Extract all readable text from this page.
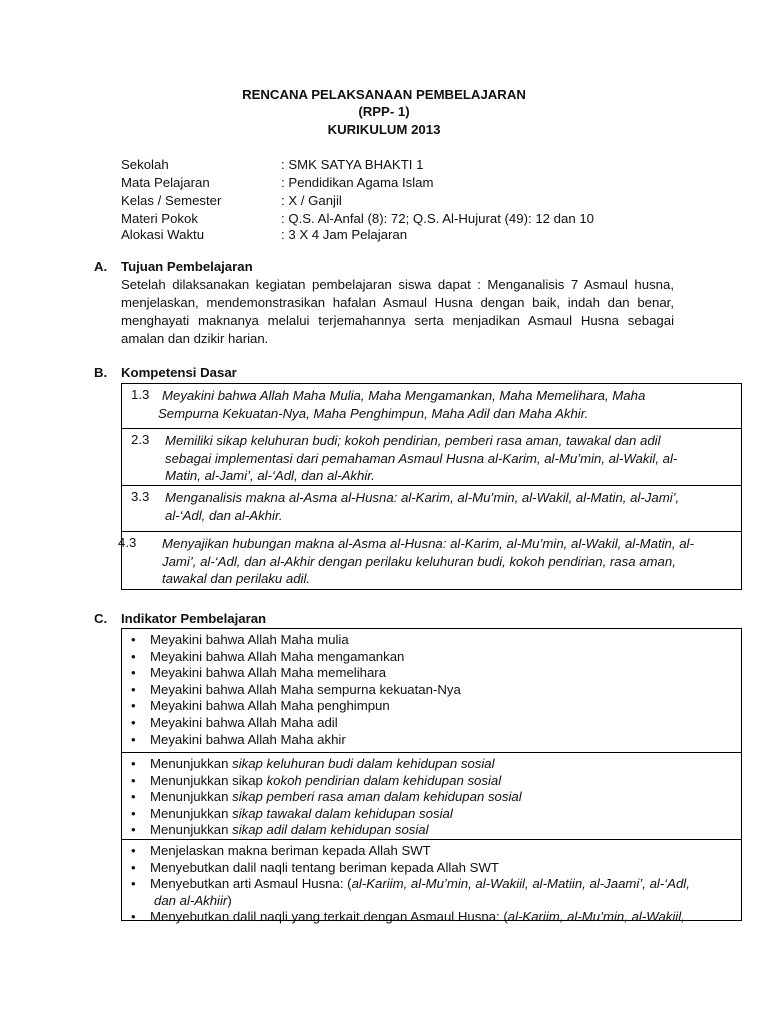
RENCANA PELAKSANAAN PEMBELAJARAN
(RPP- 1)
KURIKULUM 2013
Sekolah	: SMK SATYA BHAKTI 1
Mata Pelajaran	: Pendidikan Agama Islam
Kelas / Semester	: X / Ganjil
Materi Pokok	: Q.S. Al-Anfal (8): 72; Q.S. Al-Hujurat (49): 12 dan 10
Alokasi Waktu	: 3 X 4 Jam Pelajaran
A. Tujuan Pembelajaran
Setelah dilaksanakan kegiatan pembelajaran siswa dapat : Menganalisis 7 Asmaul husna, menjelaskan, mendemonstrasikan hafalan Asmaul Husna dengan baik, indah dan benar, menghayati maknanya melalui terjemahannya serta menjadikan Asmaul Husna sebagai amalan dan dzikir harian.
B. Kompetensi Dasar
1.3 Meyakini bahwa Allah Maha Mulia, Maha Mengamankan, Maha Memelihara, Maha
Sempurna Kekuatan-Nya, Maha Penghimpun, Maha Adil dan Maha Akhir.
2.3 Memiliki sikap keluhuran budi; kokoh pendirian, pemberi rasa aman, tawakal dan adil
sebagai implementasi dari pemahaman Asmaul Husna al-Karim, al-Mu’min, al-Wakil, al-
Matin, al-Jami’, al-‘Adl, dan al-Akhir.
3.3 Menganalisis makna al-Asma al-Husna: al-Karim, al-Mu’min, al-Wakil, al-Matin, al-Jami’,
al-‘Adl, dan al-Akhir.
4.3 Menyajikan hubungan makna al-Asma al-Husna: al-Karim, al-Mu’min, al-Wakil, al-Matin, al-
Jami’, al-‘Adl, dan al-Akhir dengan perilaku keluhuran budi, kokoh pendirian, rasa aman,
tawakal dan perilaku adil.
C. Indikator Pembelajaran
• Meyakini bahwa Allah Maha mulia
• Meyakini bahwa Allah Maha mengamankan
• Meyakini bahwa Allah Maha memelihara
• Meyakini bahwa Allah Maha sempurna kekuatan-Nya
• Meyakini bahwa Allah Maha penghimpun
• Meyakini bahwa Allah Maha adil
• Meyakini bahwa Allah Maha akhir
• Menunjukkan sikap keluhuran budi dalam kehidupan sosial
• Menunjukkan sikap kokoh pendirian dalam kehidupan sosial
• Menunjukkan sikap pemberi rasa aman dalam kehidupan sosial
• Menunjukkan sikap tawakal dalam kehidupan sosial
• Menunjukkan sikap adil dalam kehidupan sosial
• Menjelaskan makna beriman kepada Allah SWT
• Menyebutkan dalil naqli tentang beriman kepada Allah SWT
• Menyebutkan arti Asmaul Husna: (al-Kariim, al-Mu’min, al-Wakiil, al-Matiin, al-Jaami’, al-‘Adl,
dan al-Akhiir)
• Menyebutkan dalil naqli yang terkait dengan Asmaul Husna: (al-Kariim, al-Mu’min, al-Wakiil,
